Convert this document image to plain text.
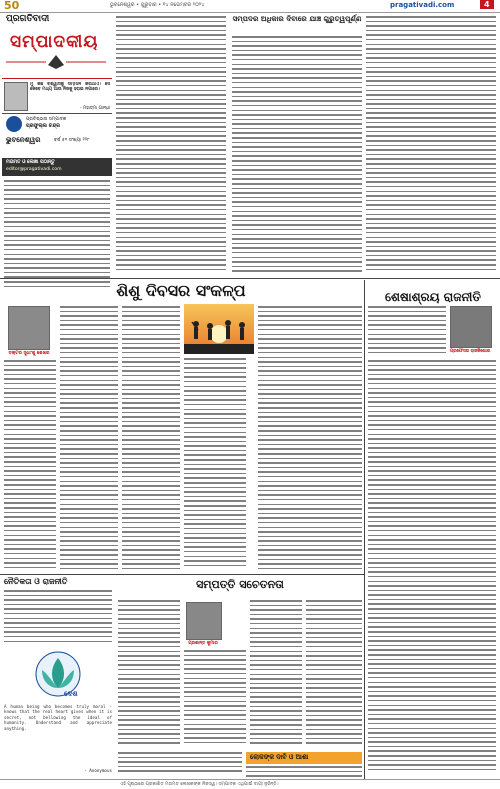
50	ଭୁବନେଶ୍ୱର • ଗୁରୁବାର • ୧୪ ନଭେମ୍ବର ୨୦୨୪	pragativadi.com	4
ପ୍ରଗତିବାଦୀ
ସମ୍ପାଦକୀୟ
ମୁଁ କିଛି ବିଶ୍ୱାସକୁ ସମ୍ମାନ କରିଥାଏ। ସେ କେବେ ମଧ୍ୟ ଆଉ ନିଜକୁ ହରାଇ ନପାରେ।
- ମହାତ୍ମା ଗାନ୍ଧୀ
ପ୍ରତିଷ୍ଠାତା ସମ୍ପାଦକ
ପ୍ରଫୁଲ୍ଲ ଚନ୍ଦ୍ର
ଭୁବନେଶ୍ୱର	ବର୍ଷ ୫୧ ସଂଖ୍ୟା ୨୨୮
ମତାମତ ଓ ଲେଖା ପଠାନ୍ତୁ
editor@pragativadi.com
ସମ୍ପଦର ଅଧିକାର ଦିବାରେ ଯାଞ୍ଚ ଗୁରୁତ୍ୱପୂର୍ଣ୍ଣ
ଶିଶୁ ଦିବସର ସଂକଳ୍ପ
ଡକ୍ଟର ସୁଧାଂଶୁ ଶେଖର
ଶେଷାଶ୍ରୟ ରାଜନୀତି
ପ୍ରଫେସର ରାଜକିଶୋର
ନୈତିକତା ଓ ରାଜନୀତି
ଦେଶ
A human being who becomes truly moral - knows that the real heart gives when it is secret, not bellowing the ideal of humanity. Understand and appreciate anything.
- Anonymous
ସମ୍ପତ୍ତି ସଚେତନତା
ପ୍ରଶାନ୍ତ କୁମାର
ଲୋକଙ୍କ ଦାବି ଓ ଆଶା
ଏହି ପୃଷ୍ଠାରେ ପ୍ରକାଶିତ ମତାମତ ଲେଖକଙ୍କ ନିଜସ୍ୱ। ସମ୍ପାଦକ ଏଥିପାଇଁ ଦାୟୀ ନୁହଁନ୍ତି।
